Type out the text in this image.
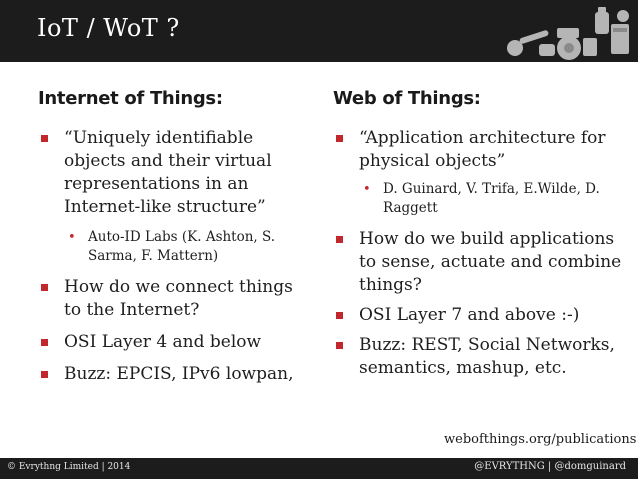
IoT / WoT ?
Internet of Things:
“Uniquely identifiable objects and their virtual representations in an Internet-like structure”
• Auto-ID Labs (K. Ashton, S. Sarma, F. Mattern)
How do we connect things to the Internet?
OSI Layer 4 and below
Buzz: EPCIS, IPv6 lowpan,
Web of Things:
“Application architecture for physical objects”
• D. Guinard, V. Trifa, E.Wilde, D. Raggett
How do we build applications to sense, actuate and combine things?
OSI Layer 7 and above :-)
Buzz: REST, Social Networks, semantics, mashup, etc.
webofthings.org/publications
© Evrythng Limited | 2014	@EVRYTHNG | @domguinard
